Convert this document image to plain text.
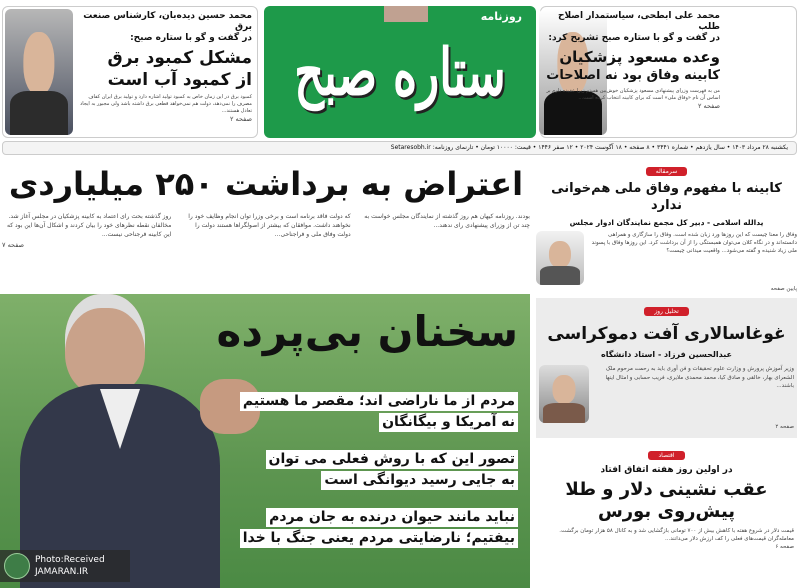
محمد حسین دیده‌بان، کارشناس صنعت برق
در گفت و گو با ستاره صبح:
مشکل کمبود برق
از کمبود آب است
کمبود برق در این زمان خاص به کمبود تولید اشاره دارد و تولید برق ایران کفاف مصرف را نمی‌دهد، دولت هم نمی‌خواهد قطعی برق داشته باشد ولی مجبور به ایجاد تعادل هستند...
صفحه ۲
روزنامه
ستاره صبح
محمد علی ابطحی، سیاستمدار اصلاح طلب
در گفت و گو با ستاره صبح تشریح کرد:
وعده مسعود پزشکیان
کابینه وفاق بود نه اصلاحات
من به فهرست وزرای پیشنهادی مسعود پزشکیان خوش‌بین هستم زیرا عقیده دارم بر اساس آن نام «وفاق ملی» است که برای کابینه انتخاب کرده است...
صفحه ۲
یکشنبه ۲۸ مرداد ۱۴۰۳ • سال یازدهم • شماره ۳۴۴۱ • ۸ صفحه • ۱۸ آگوست ۲۰۲۴ • ۱۲ صفر ۱۴۴۶ • قیمت: ۱۰۰۰۰ تومان • تارنمای روزنامه: Setaresobh.ir
اعتراض به برداشت ۲۵۰ میلیاردی
روز گذشته بحث رای اعتماد به کابینه پزشکیان در مجلس آغاز شد. مخالفان نقطه نظرهای خود را بیان کردند و اشکال آن‌ها این بود که این کابینه فرجناحی نیست...
که دولت فاقد برنامه است و برخی وزرا توان انجام وظایف خود را نخواهند داشت. موافقان که بیشتر از اصولگراها هستند دولت را دولت وفاق ملی و فراجناحی...
بودند. روزنامه کیهان هم روز گذشته از نمایندگان مجلس خواست به چند تن از وزرای پیشنهادی رای ندهند...
صفحه ۷
سخنان بی‌پرده
مردم از ما ناراضی اند؛ مقصر ما هستیم
نه آمریکا و بیگانگان
تصور این که با روش فعلی می توان
به جایی رسید دیوانگی است
نباید مانند حیوان درنده به جان مردم
بیفتیم؛ نارضایتی مردم یعنی جنگ با خدا
Photo:Received
JAMARAN.IR
سرمقاله
کابینه با مفهوم وفاق ملی هم‌خوانی ندارد
یدالله اسلامی - دبیر کل مجمع نمایندگان ادوار مجلس
وفاق را معنا چیست که این روزها ورد زبان شده است. وفاق را سازگاری و همراهی دانسته‌اند و در نگاه کلان می‌توان همبستگی را از آن برداشت کرد. این روزها وفاق با پسوند ملی زیاد شنیده و گفته می‌شود... واقعیت میدانی چیست؟
پایین صفحه
تحلیل روز
غوغاسالاری آفت دموکراسی
عبدالحسین فرزاد - استاد دانشگاه
وزیر آموزش پرورش و وزارت علوم تحقیقات و فن آوری باید به رحمت مرحوم ملک الشعرای بهار، خالقی و صادق کیا، محمد محمدی ملایری، فریب حسابی و امثال اینها باشند...
صفحه ۲
اقتصاد
در اولین روز هفته اتفاق افتاد
عقب نشینی دلار و طلا
پیش‌روی بورس
قیمت دلار در شروع هفته با کاهش بیش از ۷۰۰ تومانی بازگشایی شد و به کانال ۵۸ هزار تومان برگشت. معامله‌گران قیمت‌های فعلی را کف ارزش دلار می‌دانند...
صفحه ۶
